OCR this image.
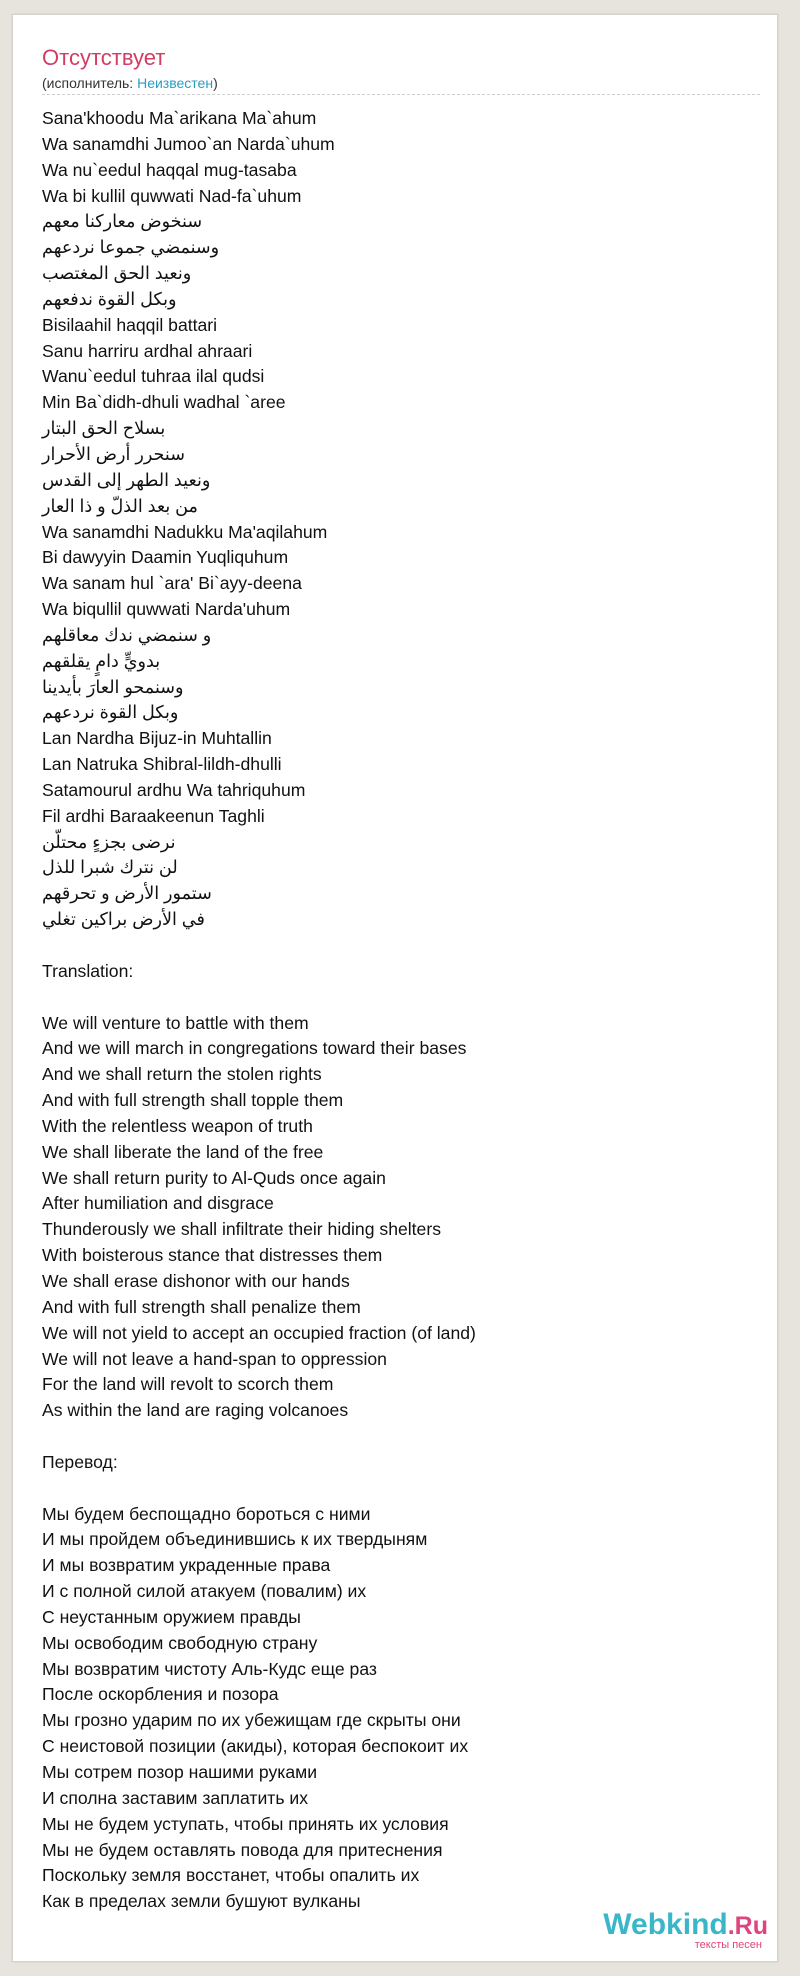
Отсутствует
(исполнитель: Неизвестен)
Sana'khoodu Ma`arikana Ma`ahum
Wa sanamdhi Jumoo`an Narda`uhum
Wa nu`eedul haqqal mug-tasaba
Wa bi kullil quwwati Nad-fa`uhum
سنخوض معاركنا معهم
وسنمضي جموعا نردعهم
ونعيد الحق المغتصب
وبكل القوة ندفعهم
Bisilaahil haqqil battari
Sanu harriru ardhal ahraari
Wanu`eedul tuhraa ilal qudsi
Min Ba`didh-dhuli wadhal `aree
بسلاح الحق البتار
سنحرر أرض الأحرار
ونعيد الطهر إلى القدس
من بعد الذلّ و ذا العار
Wa sanamdhi Nadukku Ma'aqilahum
Bi dawyyin Daamin Yuqliquhum
Wa sanam hul `ara' Bi`ayy-deena
Wa biqullil quwwati Narda'uhum
و سنمضي ندك معاقلهم
بدويٍّ دامٍ يقلقهم
وسنمحو العارَ بأيدينا
وبكل القوة نردعهم
Lan Nardha Bijuz-in Muhtallin
Lan Natruka Shibral-lildh-dhulli
Satamourul ardhu Wa tahriquhum
Fil ardhi Baraakeenun Taghli
نرضى بجزءٍ محتلّن
لن نترك شبرا للذل
ستمور الأرض و تحرقهم
في الأرض براكين تغلي
Translation:
We will venture to battle with them
And we will march in congregations toward their bases
And we shall return the stolen rights
And with full strength shall topple them
With the relentless weapon of truth
We shall liberate the land of the free
We shall return purity to Al-Quds once again
After humiliation and disgrace
Thunderously we shall infiltrate their hiding shelters
With boisterous stance that distresses them
We shall erase dishonor with our hands
And with full strength shall penalize them
We will not yield to accept an occupied fraction (of land)
We will not leave a hand-span to oppression
For the land will revolt to scorch them
As within the land are raging volcanoes
Перевод:
Мы будем беспощадно бороться с ними
И мы пройдем объединившись к их твердыням
И мы возвратим украденные права
И с полной силой атакуем (повалим) их
С неустанным оружием правды
Мы освободим свободную страну
Мы возвратим чистоту Аль-Кудс еще раз
После оскорбления и позора
Мы грозно ударим по их убежищам где скрыты они
С неистовой позиции (акиды), которая беспокоит их
Мы сотрем позор нашими руками
И сполна заставим заплатить их
Мы не будем уступать, чтобы принять их условия
Мы не будем оставлять повода для притеснения
Поскольку земля восстанет, чтобы опалить их
Как в пределах земли бушуют вулканы
Webkind.Ru
тексты песен
